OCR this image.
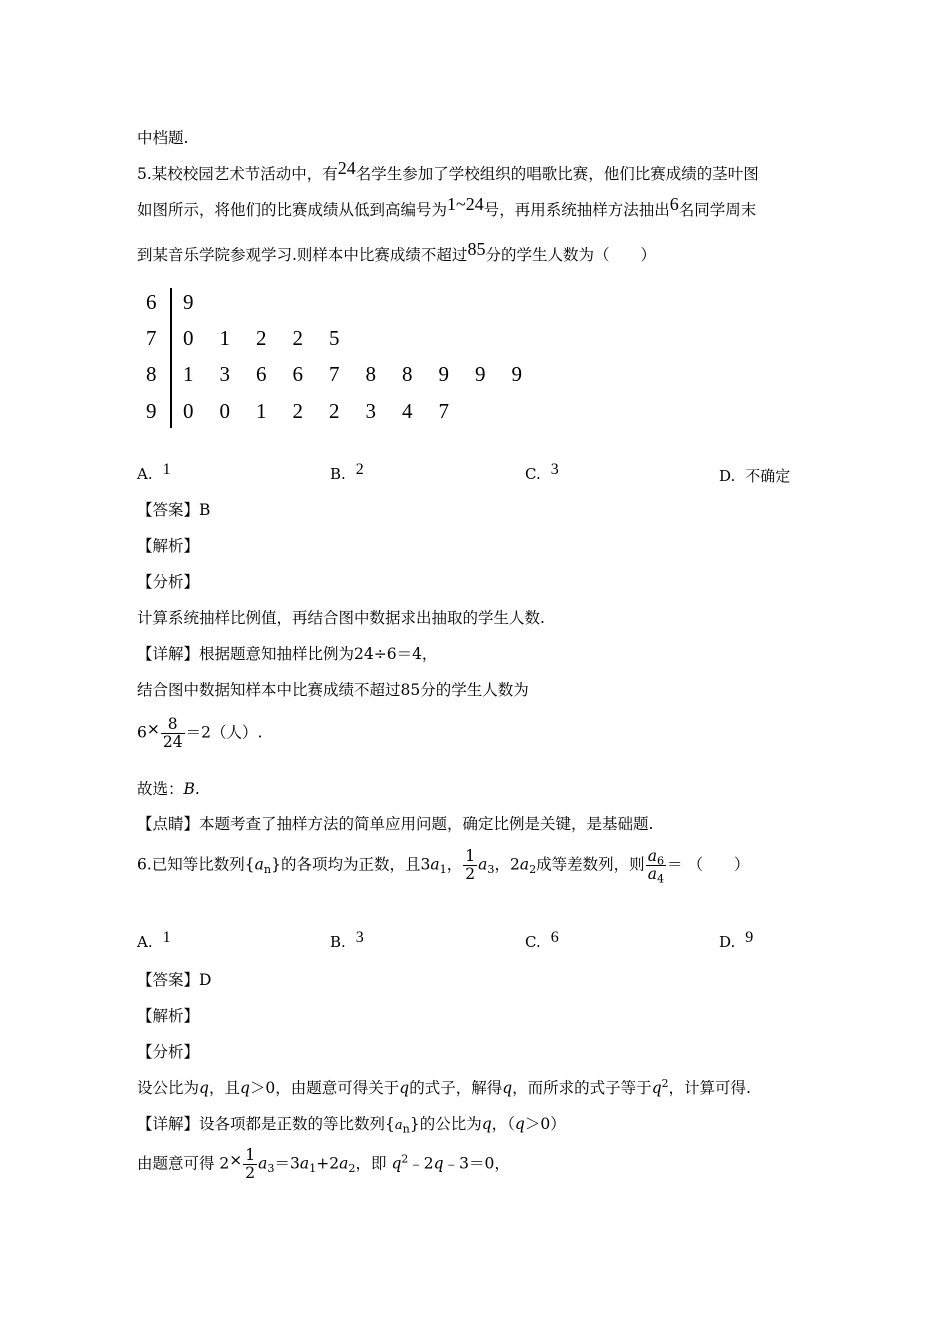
中档题.
5.某校校园艺术节活动中，有24名学生参加了学校组织的唱歌比赛，他们比赛成绩的茎叶图
如图所示，将他们的比赛成绩从低到高编号为1~24号，再用系统抽样方法抽出6名同学周末
到某音乐学院参观学习.则样本中比赛成绩不超过85分的学生人数为（　　）
6 9
7 0 1 2 2 5
8 1 3 6 6 7 8 8 9 9 9
9 0 0 1 2 2 3 4 7
A. 1	B. 2	C. 3	D. 不确定
【答案】B
【解析】
【分析】
计算系统抽样比例值，再结合图中数据求出抽取的学生人数.
【详解】根据题意知抽样比例为24÷6＝4，
结合图中数据知样本中比赛成绩不超过85分的学生人数为
$6\times \frac{8}{24} =2$（人）.
故选：B.
【点睛】本题考查了抽样方法的简单应用问题，确定比例是关键，是基础题.
6.已知等比数列$\{a_n\}$的各项均为正数，且$3a_1$， $\frac{1}{2} a_3$，$2a_2$成等差数列，则 $\frac{a_6}{a_4}$ ＝ （　　）
A. 1	B. 3	C. 6	D. 9
【答案】D
【解析】
【分析】
设公比为q，且q＞0，由题意可得关于q的式子，解得q，而所求的式子等于$q^2$，计算可得.
【详解】设各项都是正数的等比数列$\{a_n\}$的公比为q，（q＞0）
由题意可得 $2\times \frac{1}{2} a_3=3a_1+2a_2$，即 $q^2﹣2q﹣3=0$，
